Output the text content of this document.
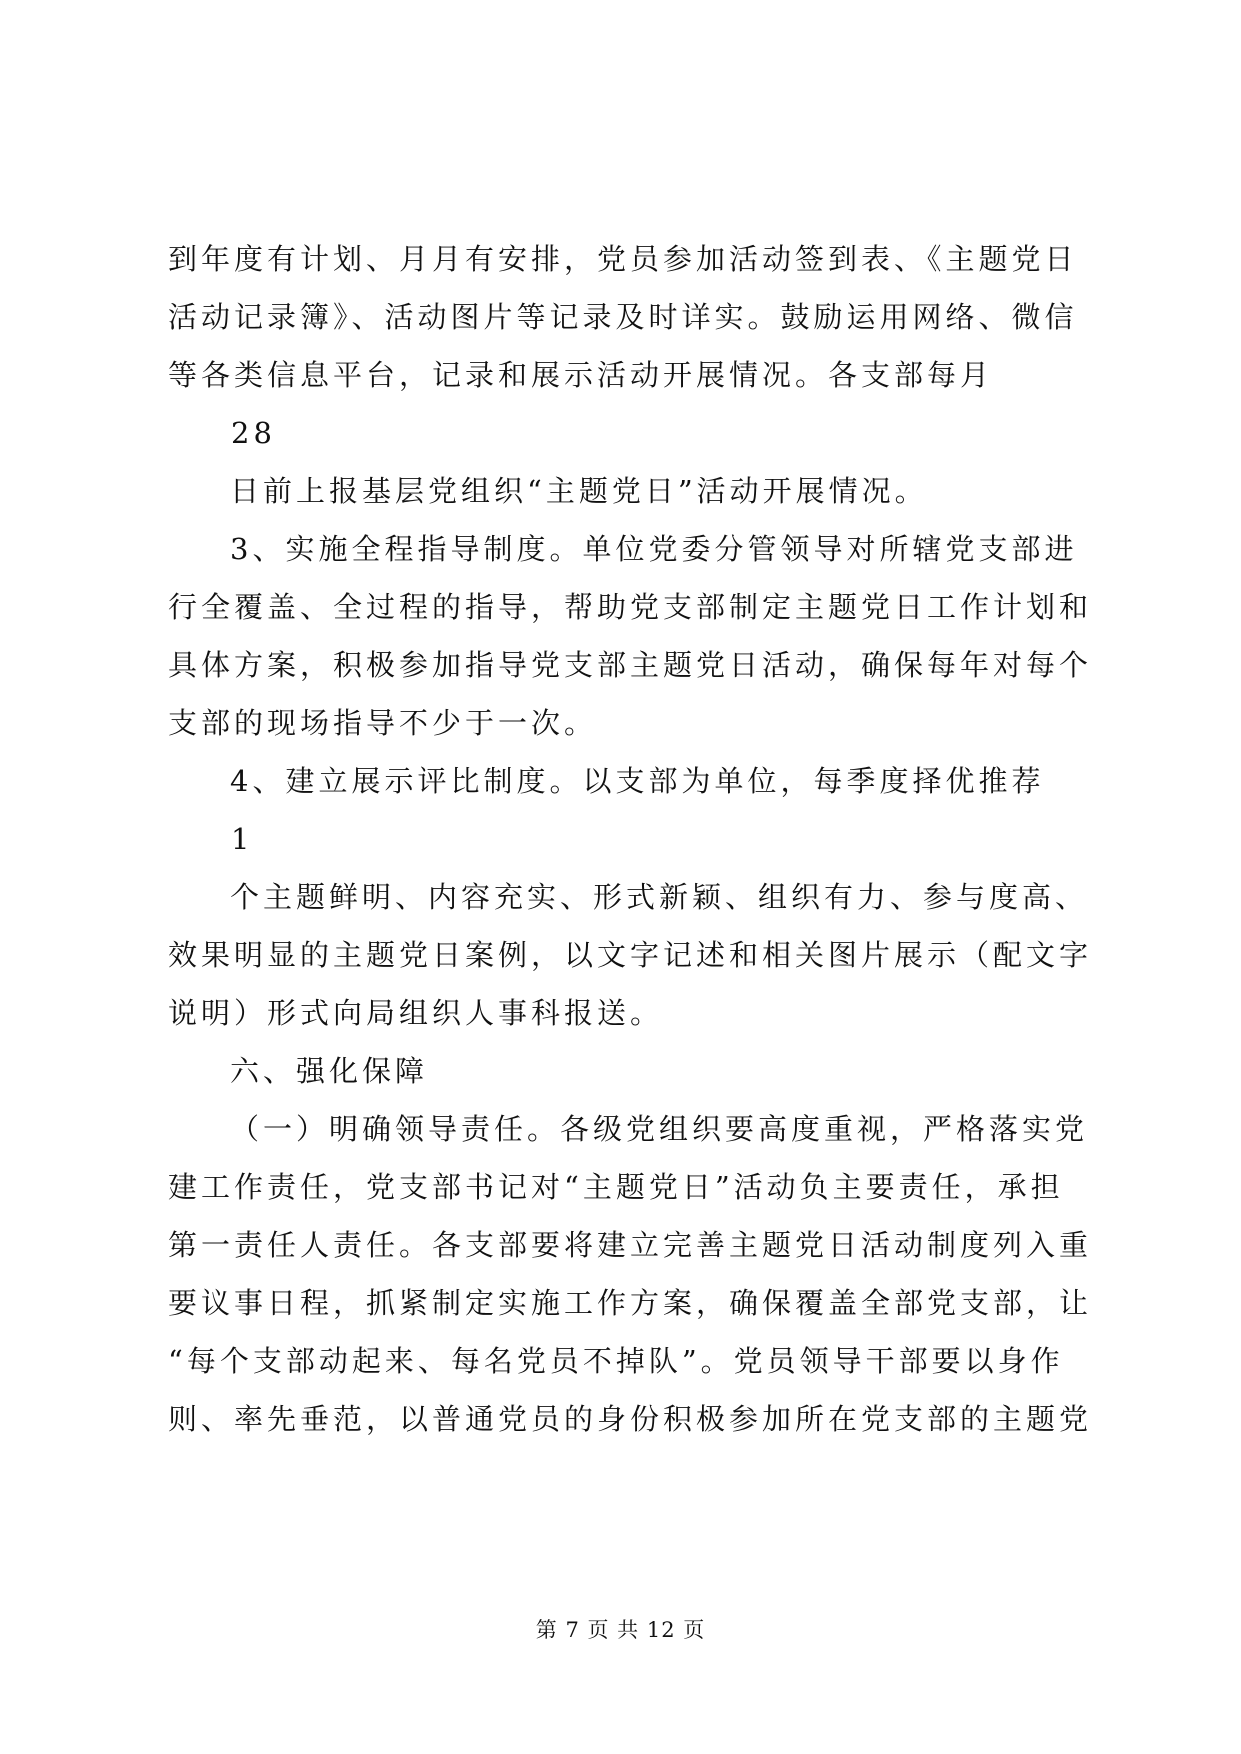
到年度有计划、月月有安排，党员参加活动签到表、《主题党日
活动记录簿》、活动图片等记录及时详实。鼓励运用网络、微信
等各类信息平台，记录和展示活动开展情况。各支部每月
28
日前上报基层党组织“主题党日”活动开展情况。
3、实施全程指导制度。单位党委分管领导对所辖党支部进
行全覆盖、全过程的指导，帮助党支部制定主题党日工作计划和
具体方案，积极参加指导党支部主题党日活动，确保每年对每个
支部的现场指导不少于一次。
4、建立展示评比制度。以支部为单位，每季度择优推荐
1
个主题鲜明、内容充实、形式新颖、组织有力、参与度高、
效果明显的主题党日案例，以文字记述和相关图片展示（配文字
说明）形式向局组织人事科报送。
六、强化保障
（一）明确领导责任。各级党组织要高度重视，严格落实党
建工作责任，党支部书记对“主题党日”活动负主要责任，承担
第一责任人责任。各支部要将建立完善主题党日活动制度列入重
要议事日程，抓紧制定实施工作方案，确保覆盖全部党支部，让
“每个支部动起来、每名党员不掉队”。党员领导干部要以身作
则、率先垂范，以普通党员的身份积极参加所在党支部的主题党
第 7 页 共 12 页
